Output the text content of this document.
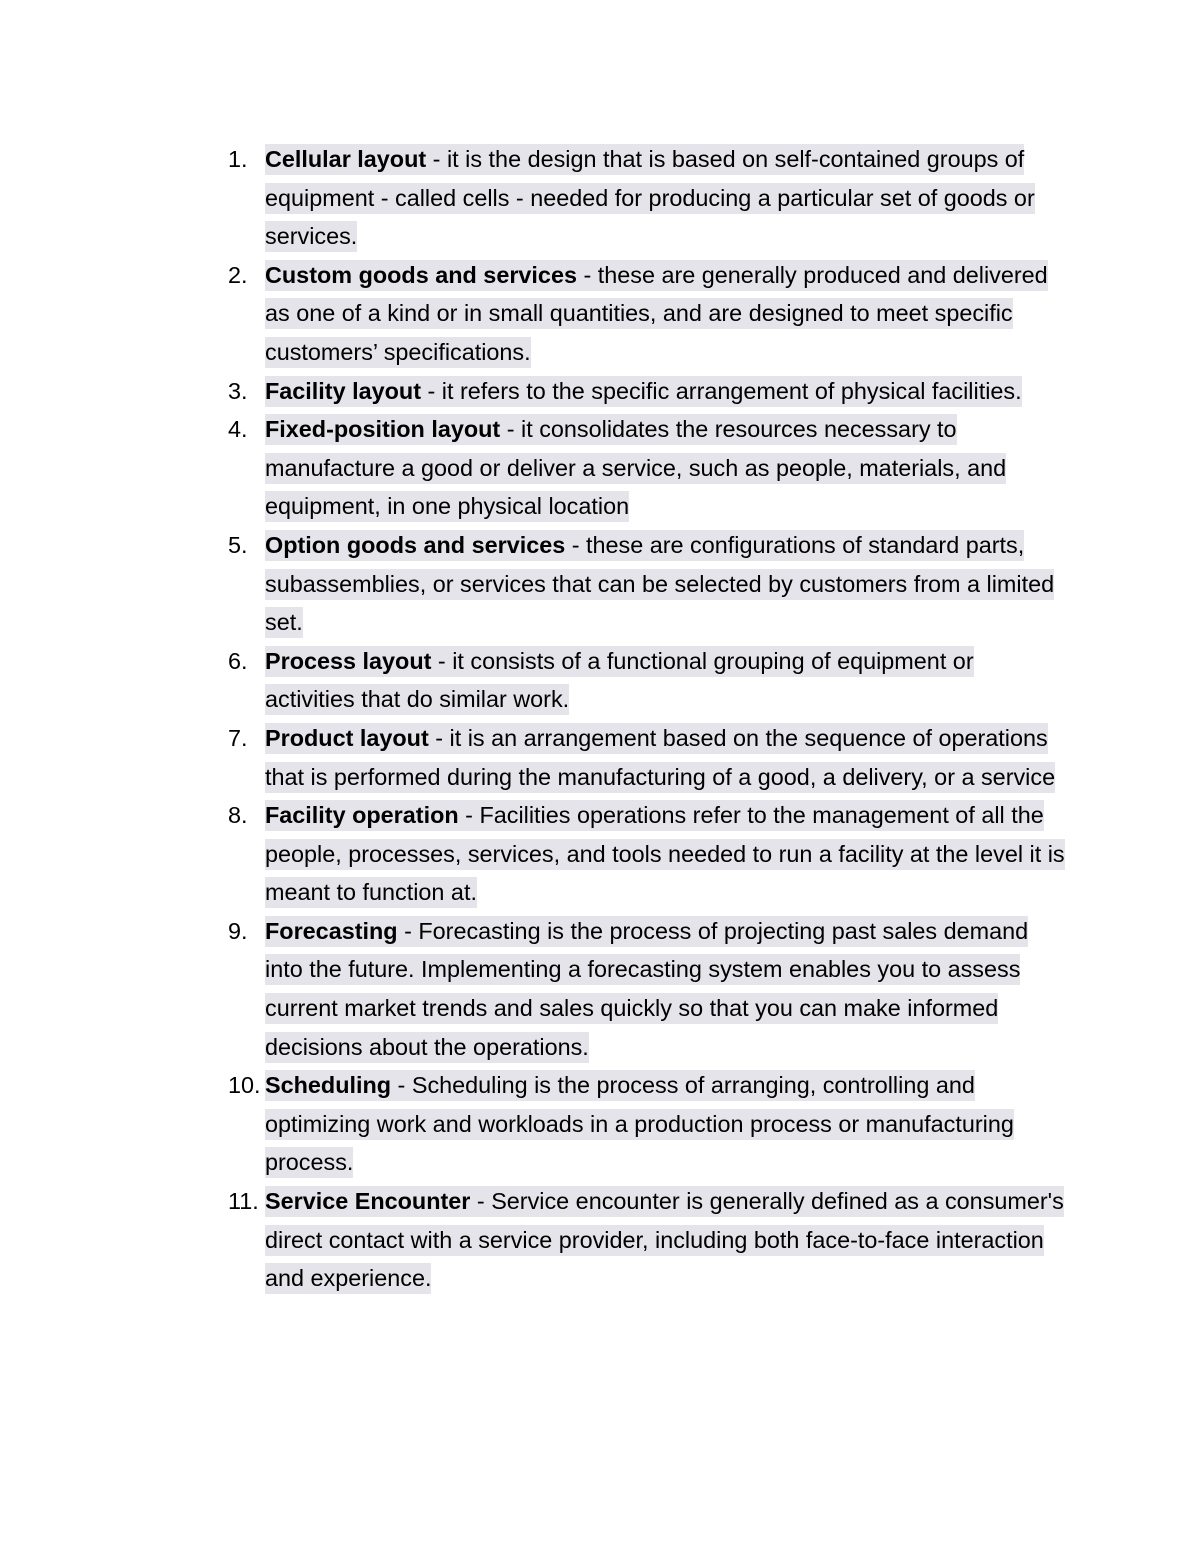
1. Cellular layout - it is the design that is based on self-contained groups of equipment - called cells - needed for producing a particular set of goods or services.
2. Custom goods and services - these are generally produced and delivered as one of a kind or in small quantities, and are designed to meet specific customers’ specifications.
3. Facility layout - it refers to the specific arrangement of physical facilities.
4. Fixed-position layout - it consolidates the resources necessary to manufacture a good or deliver a service, such as people, materials, and equipment, in one physical location
5. Option goods and services - these are configurations of standard parts, subassemblies, or services that can be selected by customers from a limited set.
6. Process layout - it consists of a functional grouping of equipment or activities that do similar work.
7. Product layout - it is an arrangement based on the sequence of operations that is performed during the manufacturing of a good, a delivery, or a service
8. Facility operation - Facilities operations refer to the management of all the people, processes, services, and tools needed to run a facility at the level it is meant to function at.
9. Forecasting - Forecasting is the process of projecting past sales demand into the future. Implementing a forecasting system enables you to assess current market trends and sales quickly so that you can make informed decisions about the operations.
10. Scheduling - Scheduling is the process of arranging, controlling and optimizing work and workloads in a production process or manufacturing process.
11. Service Encounter - Service encounter is generally defined as a consumer's direct contact with a service provider, including both face-to-face interaction and experience.
